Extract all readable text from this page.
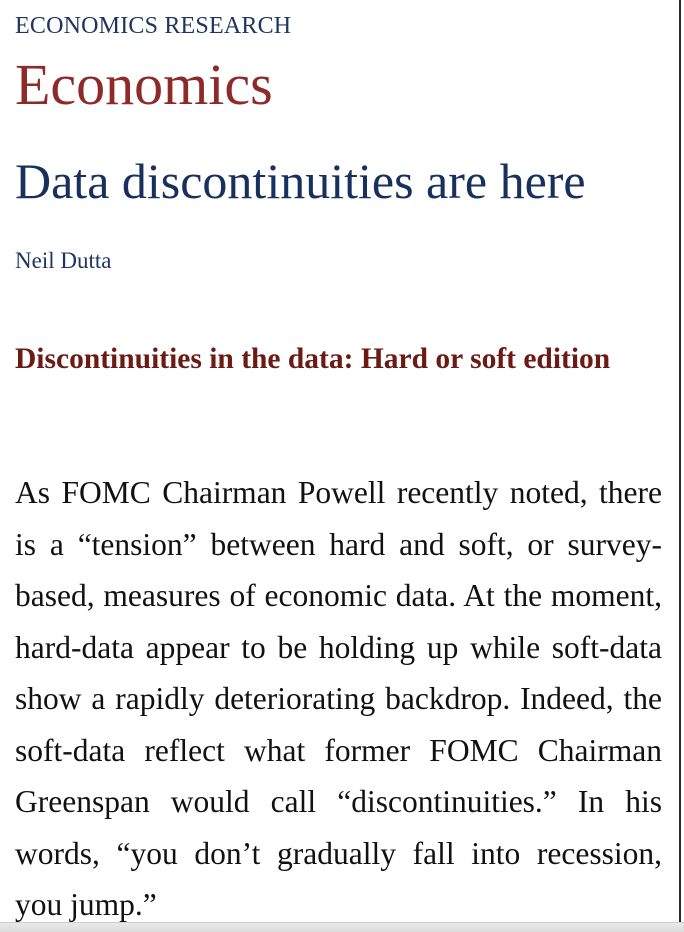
ECONOMICS RESEARCH
Economics
Data discontinuities are here
Neil Dutta
Discontinuities in the data: Hard or soft edition

As FOMC Chairman Powell recently noted, there is a “tension” between hard and soft, or survey-based, measures of economic data. At the moment, hard-data appear to be holding up while soft-data show a rapidly deteriorating backdrop. Indeed, the soft-data reflect what former FOMC Chairman Greenspan would call “discontinuities.” In his words, “you don’t gradually fall into recession, you jump.”
